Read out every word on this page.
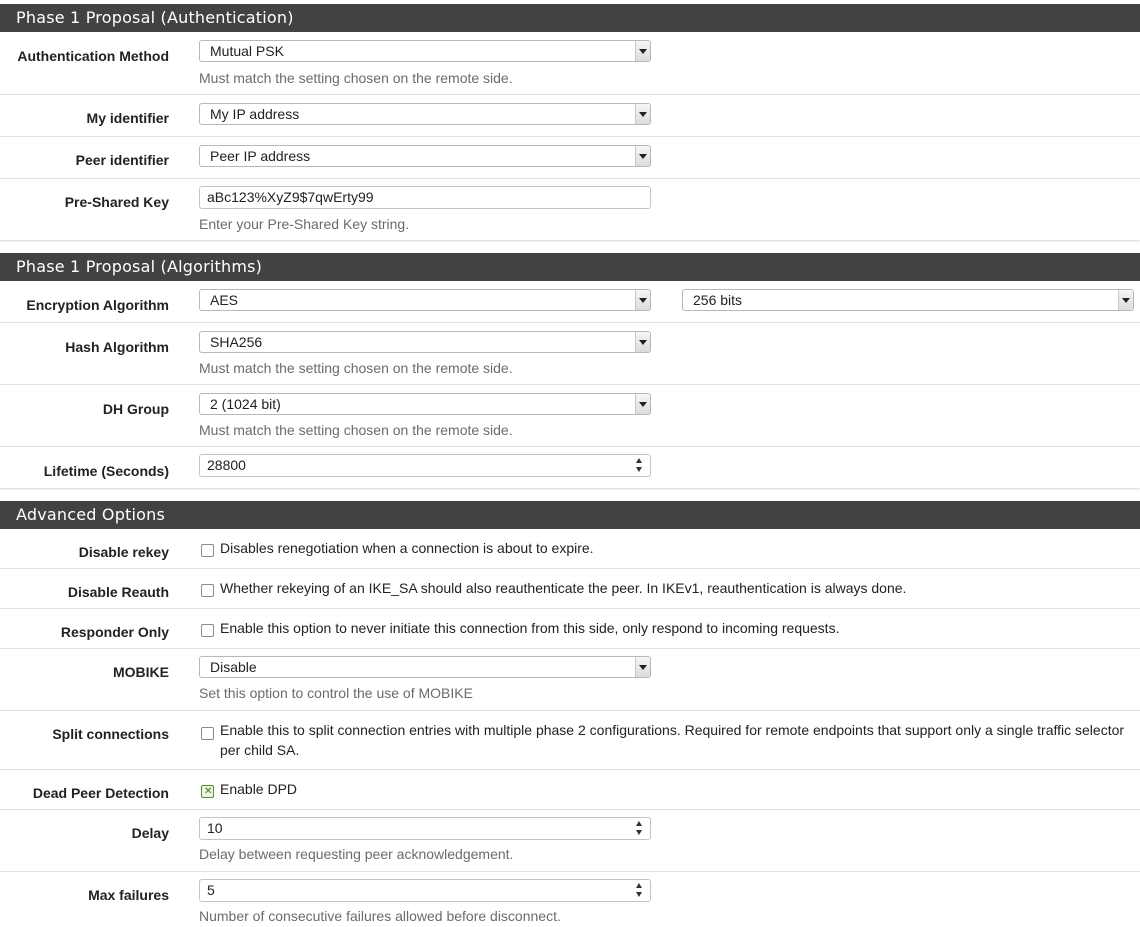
Phase 1 Proposal (Authentication)
Authentication Method	Mutual PSK
Must match the setting chosen on the remote side.
My identifier	My IP address
Peer identifier	Peer IP address
Pre-Shared Key	aBc123%XyZ9$7qwErty99
Enter your Pre-Shared Key string.
Phase 1 Proposal (Algorithms)
Encryption Algorithm	AES	256 bits
Hash Algorithm	SHA256
Must match the setting chosen on the remote side.
DH Group	2 (1024 bit)
Must match the setting chosen on the remote side.
Lifetime (Seconds)	28800
Advanced Options
Disable rekey	Disables renegotiation when a connection is about to expire.
Disable Reauth	Whether rekeying of an IKE_SA should also reauthenticate the peer. In IKEv1, reauthentication is always done.
Responder Only	Enable this option to never initiate this connection from this side, only respond to incoming requests.
MOBIKE	Disable
Set this option to control the use of MOBIKE
Split connections	Enable this to split connection entries with multiple phase 2 configurations. Required for remote endpoints that support only a single traffic selector
per child SA.
Dead Peer Detection	✕ Enable DPD
Delay	10
Delay between requesting peer acknowledgement.
Max failures	5
Number of consecutive failures allowed before disconnect.
